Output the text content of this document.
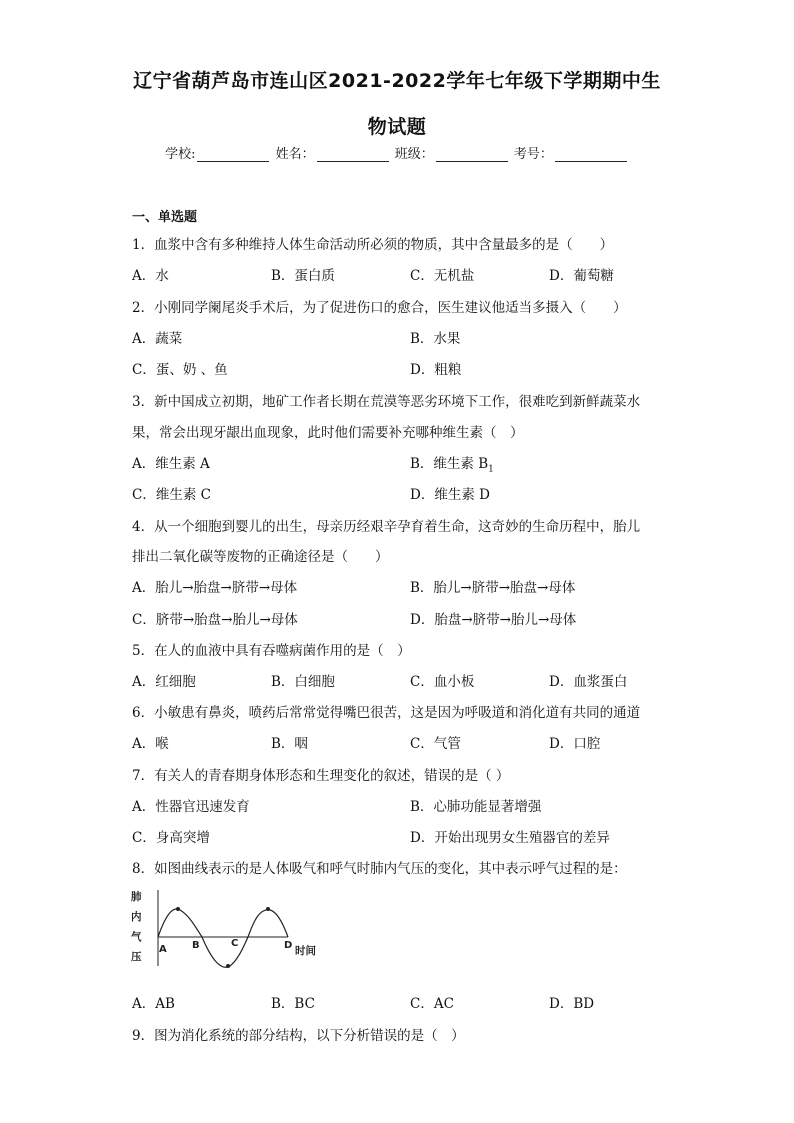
辽宁省葫芦岛市连山区2021-2022学年七年级下学期期中生
物试题
学校:	姓名：	班级：	考号：
一、单选题
1．血浆中含有多种维持人体生命活动所必须的物质，其中含量最多的是（　　）
A．水	B．蛋白质	C．无机盐	D．葡萄糖
2．小刚同学阑尾炎手术后，为了促进伤口的愈合，医生建议他适当多摄入（　　）
A．蔬菜	B．水果
C．蛋、奶 、鱼	D．粗粮
3．新中国成立初期，地矿工作者长期在荒漠等恶劣环境下工作，很难吃到新鲜蔬菜水
果，常会出现牙龈出血现象，此时他们需要补充哪种维生素（　）
A．维生素 A	B．维生素 $B_1$
C．维生素 C	D．维生素 D
4．从一个细胞到婴儿的出生，母亲历经艰辛孕育着生命，这奇妙的生命历程中，胎儿
排出二氧化碳等废物的正确途径是（　　）
A．胎儿→胎盘→脐带→母体	B．胎儿→脐带→胎盘→母体
C．脐带→胎盘→胎儿→母体	D．胎盘→脐带→胎儿→母体
5．在人的血液中具有吞噬病菌作用的是（　）
A．红细胞	B．白细胞	C．血小板	D．血浆蛋白
6．小敏患有鼻炎，喷药后常常觉得嘴巴很苦，这是因为呼吸道和消化道有共同的通道
A．喉	B．咽	C．气管	D．口腔
7．有关人的青春期身体形态和生理变化的叙述，错误的是（ ）
A．性器官迅速发育	B．心肺功能显著增强
C．身高突增	D．开始出现男女生殖器官的差异
8．如图曲线表示的是人体吸气和呼气时肺内气压的变化，其中表示呼气过程的是：
肺
内
气
压
A	B	C	D 时间
A．AB	B．BC	C．AC	D．BD
9．图为消化系统的部分结构，以下分析错误的是（　）
